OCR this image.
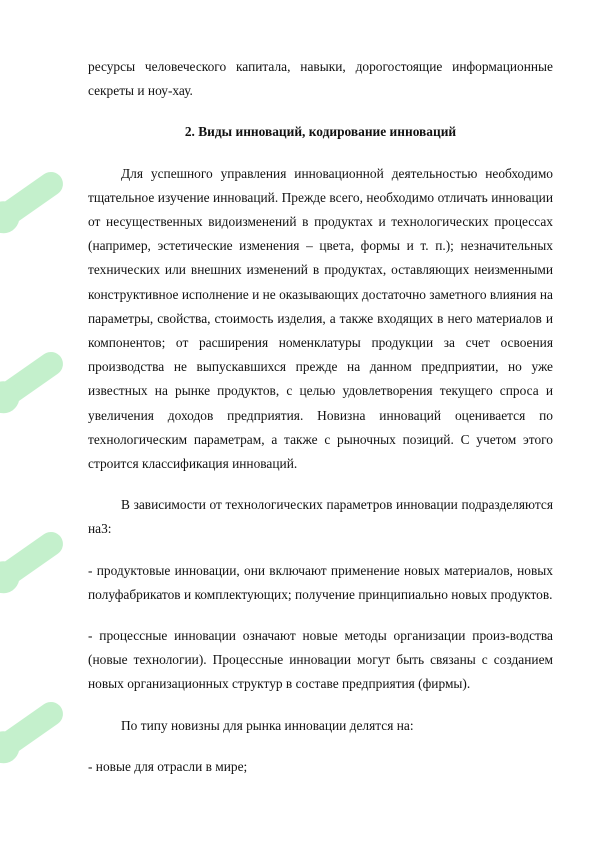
ресурсы человеческого капитала, навыки, дорогостоящие информационные секреты и ноу-хау.

2. Виды инноваций, кодирование инноваций

Для успешного управления инновационной деятельностью необходимо тщательное изучение инноваций. Прежде всего, необходимо отличать инновации от несущественных видоизменений в продуктах и технологических процессах (например, эстетические изменения – цвета, формы и т. п.); незначительных технических или внешних изменений в продуктах, оставляющих неизменными конструктивное исполнение и не оказывающих достаточно заметного влияния на параметры, свойства, стоимость изделия, а также входящих в него материалов и компонентов; от расширения номенклатуры продукции за счет освоения производства не выпускавшихся прежде на данном предприятии, но уже известных на рынке продуктов, с целью удовлетворения текущего спроса и увеличения доходов предприятия. Новизна инноваций оценивается по технологическим параметрам, а также с рыночных позиций. С учетом этого строится классификация инноваций.

В зависимости от технологических параметров инновации подразделяются на3:

- продуктовые инновации, они включают применение новых материалов, новых полуфабрикатов и комплектующих; получение принципиально новых продуктов.

- процессные инновации означают новые методы организации произ-водства (новые технологии). Процессные инновации могут быть связаны с созданием новых организационных структур в составе предприятия (фирмы).

По типу новизны для рынка инновации делятся на:

- новые для отрасли в мире;
